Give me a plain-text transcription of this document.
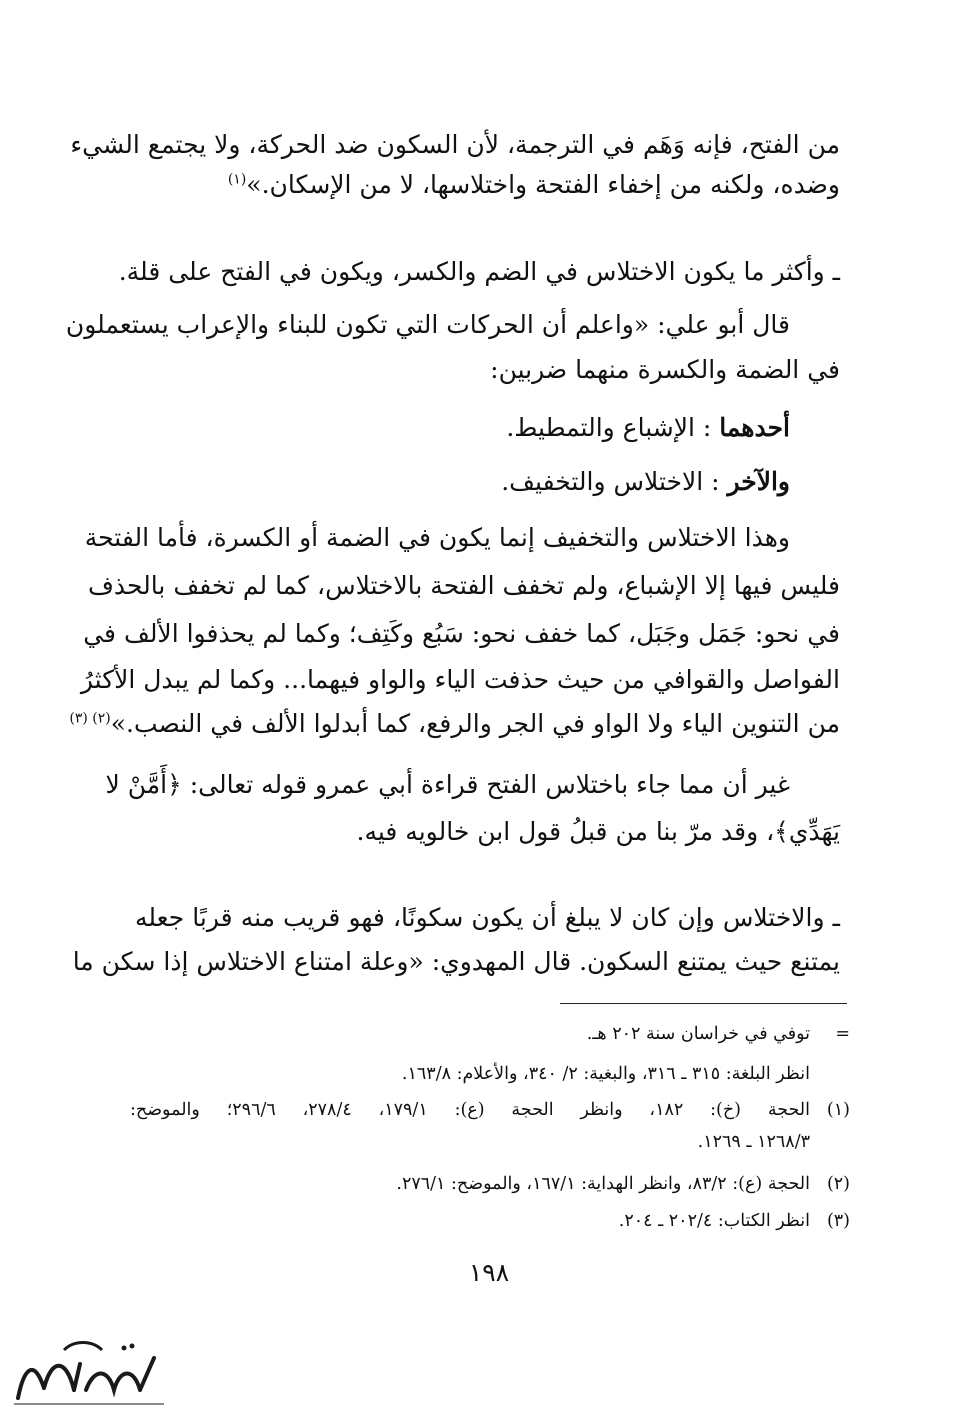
من الفتح، فإنه وَهَم في الترجمة، لأن السكون ضد الحركة، ولا يجتمع الشيء
وضده، ولكنه من إخفاء الفتحة واختلاسها، لا من الإسكان.»$^{(١)}$
ـ وأكثر ما يكون الاختلاس في الضم والكسر، ويكون في الفتح على قلة.
قال أبو علي: «واعلم أن الحركات التي تكون للبناء والإعراب يستعملون
في الضمة والكسرة منهما ضربين:
أحدهما : الإشباع والتمطيط.
والآخر : الاختلاس والتخفيف.
وهذا الاختلاس والتخفيف إنما يكون في الضمة أو الكسرة، فأما الفتحة
فليس فيها إلا الإشباع، ولم تخفف الفتحة بالاختلاس، كما لم تخفف بالحذف
في نحو: جَمَل وجَبَل، كما خفف نحو: سَبُع وكَتِف؛ وكما لم يحذفوا الألف في
الفواصل والقوافي من حيث حذفت الياء والواو فيهما... وكما لم يبدل الأكثرُ
من التنوين الياء ولا الواو في الجر والرفع، كما أبدلوا الألف في النصب.»$^{(٢) (٣)}$
غير أن مما جاء باختلاس الفتح قراءة أبي عمرو قوله تعالى: ﴿أَمَّنْ لا
يَهَدِّي﴾، وقد مرّ بنا من قبلُ قول ابن خالويه فيه.
ـ والاختلاس وإن كان لا يبلغ أن يكون سكونًا، فهو قريب منه قربًا جعله
يمتنع حيث يمتنع السكون. قال المهدوي: «وعلة امتناع الاختلاس إذا سكن ما
=توفي في خراسان سنة ٢٠٢ هـ.
انظر البلغة: ٣١٥ ـ ٣١٦، والبغية: ٢/ ٣٤٠، والأعلام: ١٦٣/٨.
(١)الحجة (خ): ١٨٢، وانظر الحجة (ع): ١٧٩/١، ٢٧٨/٤، ٢٩٦/٦؛ والموضح:
١٢٦٨/٣ ـ ١٢٦٩.
(٢)الحجة (ع): ٨٣/٢، وانظر الهداية: ١٦٧/١، والموضح: ٢٧٦/١.
(٣)انظر الكتاب: ٢٠٢/٤ ـ ٢٠٤.
١٩٨
